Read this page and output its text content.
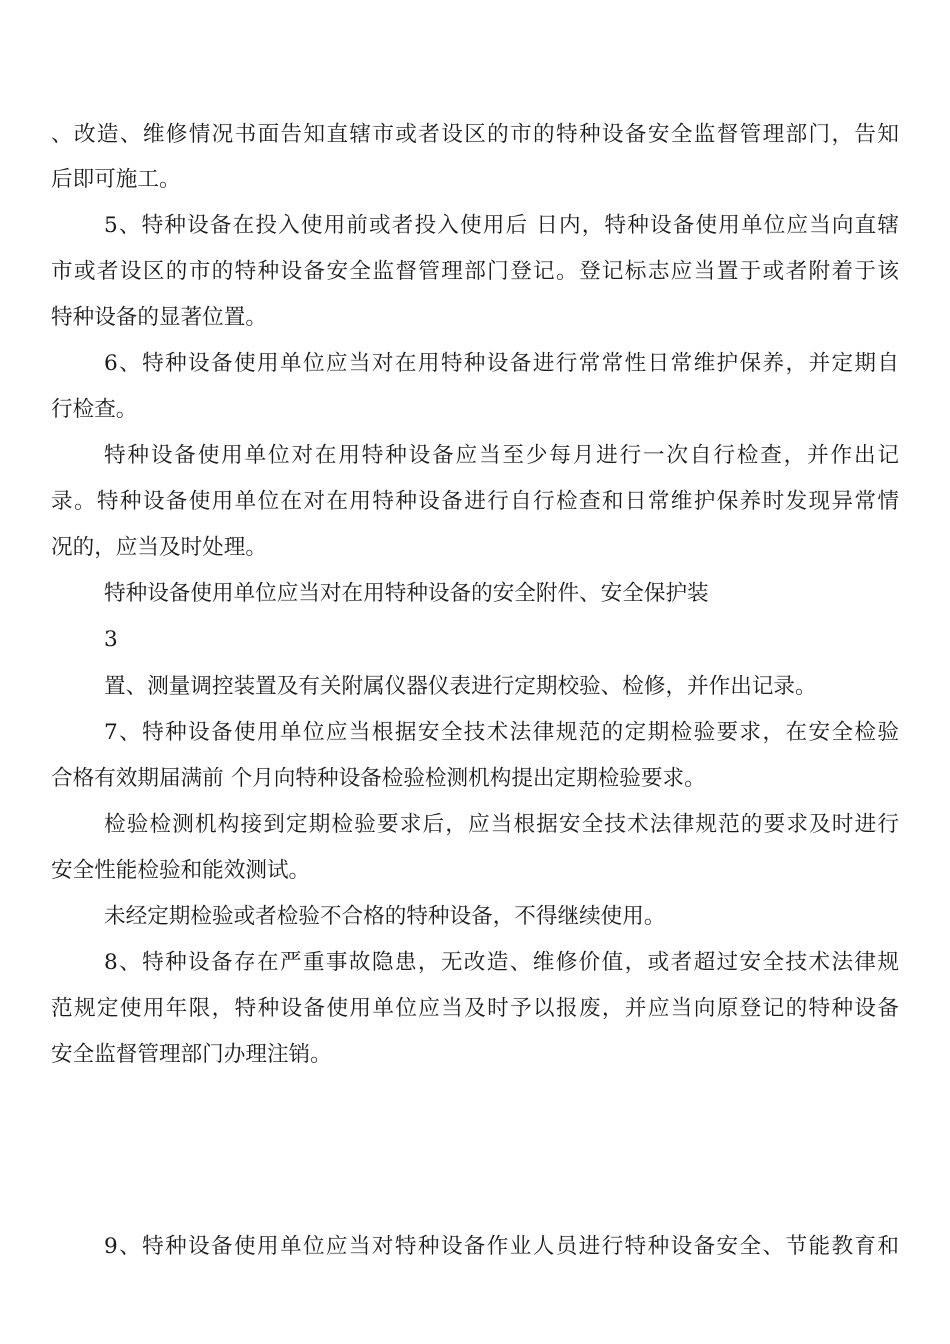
、改造、维修情况书面告知直辖市或者设区的市的特种设备安全监督管理部门，告知
后即可施工。
5、特种设备在投入使用前或者投入使用后 日内，特种设备使用单位应当向直辖
市或者设区的市的特种设备安全监督管理部门登记。登记标志应当置于或者附着于该
特种设备的显著位置。
6、特种设备使用单位应当对在用特种设备进行常常性日常维护保养，并定期自
行检查。
特种设备使用单位对在用特种设备应当至少每月进行一次自行检查，并作出记
录。特种设备使用单位在对在用特种设备进行自行检查和日常维护保养时发现异常情
况的，应当及时处理。
特种设备使用单位应当对在用特种设备的安全附件、安全保护装
3
置、测量调控装置及有关附属仪器仪表进行定期校验、检修，并作出记录。
7、特种设备使用单位应当根据安全技术法律规范的定期检验要求，在安全检验
合格有效期届满前 个月向特种设备检验检测机构提出定期检验要求。
检验检测机构接到定期检验要求后，应当根据安全技术法律规范的要求及时进行
安全性能检验和能效测试。
未经定期检验或者检验不合格的特种设备，不得继续使用。
8、特种设备存在严重事故隐患，无改造、维修价值，或者超过安全技术法律规
范规定使用年限，特种设备使用单位应当及时予以报废，并应当向原登记的特种设备
安全监督管理部门办理注销。
9、特种设备使用单位应当对特种设备作业人员进行特种设备安全、节能教育和
